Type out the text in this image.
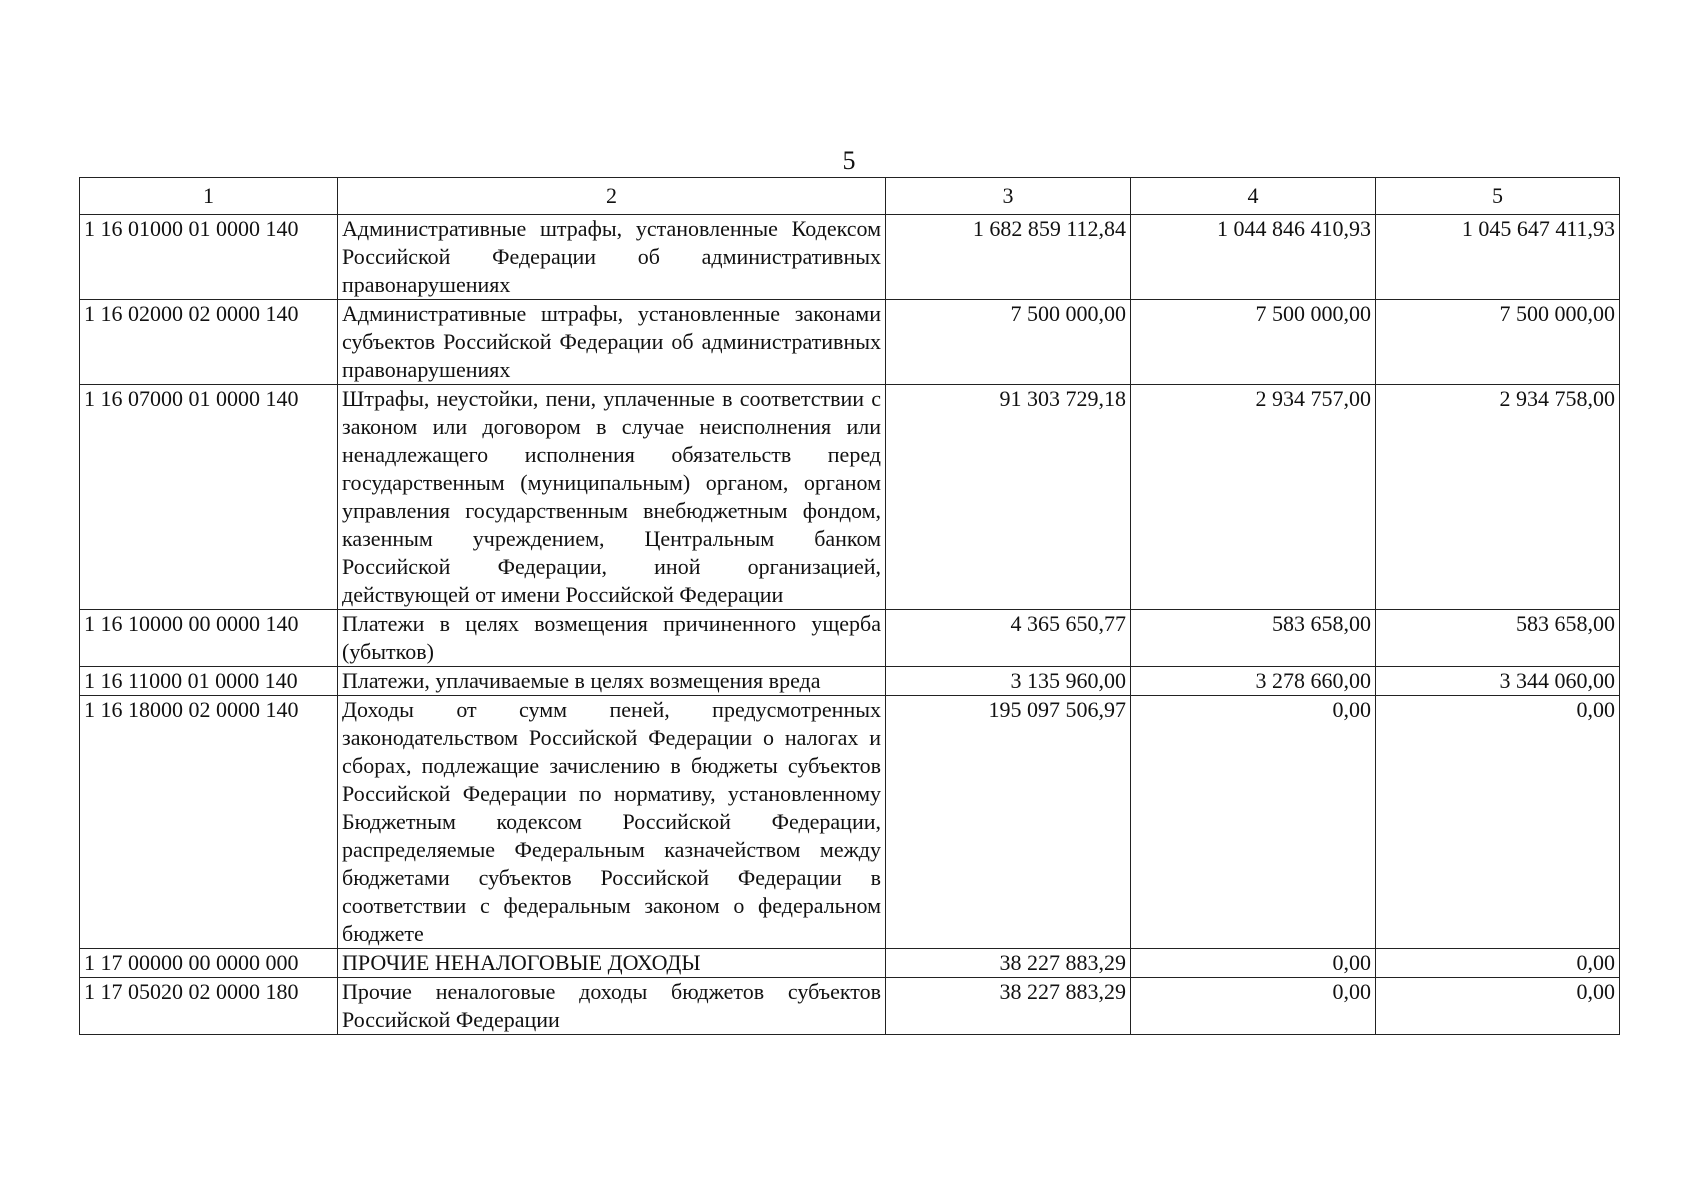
5
1	2	3	4	5
1 16 01000 01 0000 140	Административные штрафы, установленные Кодексом Российской Федерации об административных правонарушениях	1 682 859 112,84	1 044 846 410,93	1 045 647 411,93
1 16 02000 02 0000 140	Административные штрафы, установленные законами субъектов Российской Федерации об административных правонарушениях	7 500 000,00	7 500 000,00	7 500 000,00
1 16 07000 01 0000 140	Штрафы, неустойки, пени, уплаченные в соответствии с законом или договором в случае неисполнения или ненадлежащего исполнения обязательств перед государственным (муниципальным) органом, органом управления государственным внебюджетным фондом, казенным учреждением, Центральным банком Российской Федерации, иной организацией, действующей от имени Российской Федерации	91 303 729,18	2 934 757,00	2 934 758,00
1 16 10000 00 0000 140	Платежи в целях возмещения причиненного ущерба (убытков)	4 365 650,77	583 658,00	583 658,00
1 16 11000 01 0000 140	Платежи, уплачиваемые в целях возмещения вреда	3 135 960,00	3 278 660,00	3 344 060,00
1 16 18000 02 0000 140	Доходы от сумм пеней, предусмотренных законодательством Российской Федерации о налогах и сборах, подлежащие зачислению в бюджеты субъектов Российской Федерации по нормативу, установленному Бюджетным кодексом Российской Федерации, распределяемые Федеральным казначейством между бюджетами субъектов Российской Федерации в соответствии с федеральным законом о федеральном бюджете	195 097 506,97	0,00	0,00
1 17 00000 00 0000 000	ПРОЧИЕ НЕНАЛОГОВЫЕ ДОХОДЫ	38 227 883,29	0,00	0,00
1 17 05020 02 0000 180	Прочие неналоговые доходы бюджетов субъектов Российской Федерации	38 227 883,29	0,00	0,00
